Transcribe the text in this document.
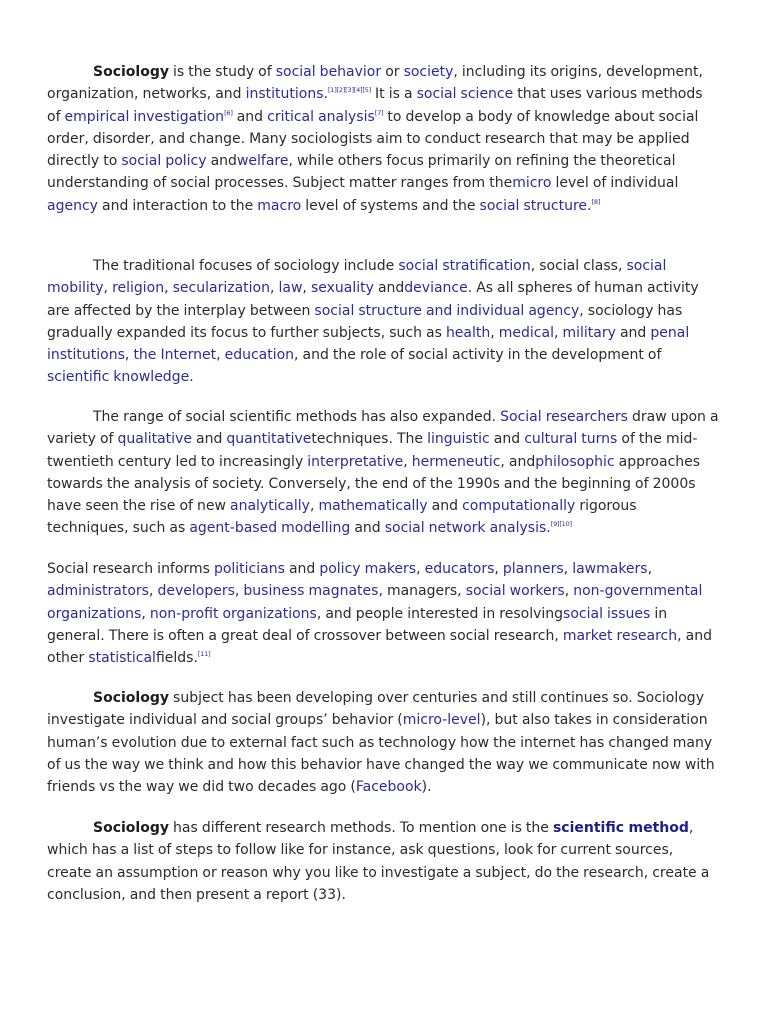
Sociology is the study of social behavior or society, including its origins, development, organization, networks, and institutions.[1][2][3][4][5] It is a social science that uses various methods of empirical investigation[6] and critical analysis[7] to develop a body of knowledge about social order, disorder, and change. Many sociologists aim to conduct research that may be applied directly to social policy andwelfare, while others focus primarily on refining the theoretical understanding of social processes. Subject matter ranges from themicro level of individual agency and interaction to the macro level of systems and the social structure.[8]

The traditional focuses of sociology include social stratification, social class, social mobility, religion, secularization, law, sexuality anddeviance. As all spheres of human activity are affected by the interplay between social structure and individual agency, sociology has gradually expanded its focus to further subjects, such as health, medical, military and penal institutions, the Internet, education, and the role of social activity in the development of scientific knowledge.

The range of social scientific methods has also expanded. Social researchers draw upon a variety of qualitative and quantitativetechniques. The linguistic and cultural turns of the mid-twentieth century led to increasingly interpretative, hermeneutic, andphilosophic approaches towards the analysis of society. Conversely, the end of the 1990s and the beginning of 2000s have seen the rise of new analytically, mathematically and computationally rigorous techniques, such as agent-based modelling and social network analysis.[9][10]

Social research informs politicians and policy makers, educators, planners, lawmakers, administrators, developers, business magnates, managers, social workers, non-governmental organizations, non-profit organizations, and people interested in resolvingsocial issues in general. There is often a great deal of crossover between social research, market research, and other statisticalfields.[11]

Sociology subject has been developing over centuries and still continues so. Sociology investigate individual and social groups’ behavior (micro-level), but also takes in consideration human’s evolution due to external fact such as technology how the internet has changed many of us the way we think and how this behavior have changed the way we communicate now with friends vs the way we did two decades ago (Facebook).

Sociology has different research methods. To mention one is the scientific method, which has a list of steps to follow like for instance, ask questions, look for current sources, create an assumption or reason why you like to investigate a subject, do the research, create a conclusion, and then present a report (33).
